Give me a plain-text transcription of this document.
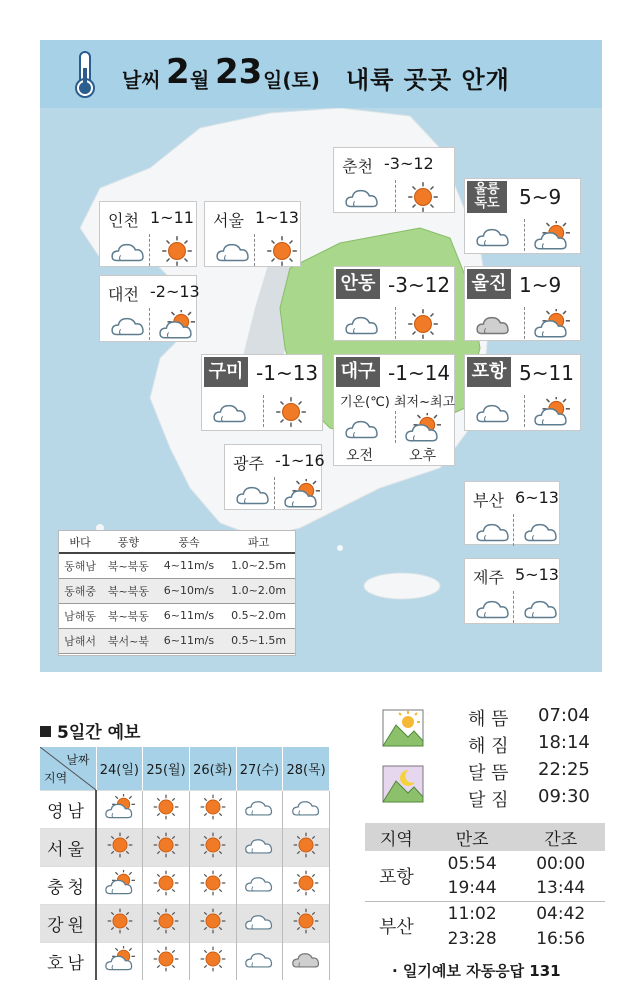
날씨 2 월 23 일(토) 내륙 곳곳 안개
춘천 -3~12
인천 1~11 서울 1~13
울릉
독도 5~9
대전 -2~13	안동 -3~12 울진 1~9
구미 -1~13 대구 -1~14
기온(℃) 최저~최고
오전	오후
포항 5~11
광주 -1~16
부산 6~13
제주 5~13
바다	풍향	풍속	파고
동해남	북~북동	4~11m/s	1.0~2.5m
동해중	북~북동	6~10m/s	1.0~2.0m
남해동	북~북동	6~11m/s	0.5~2.0m
남해서	북서~북	6~11m/s	0.5~1.5m
5일간 예보
날짜
지역	24(일)	25(월)	26(화)	27(수)	28(목)
영남					
서울					
충청					
강원					
호남					
해 뜸 07:04
해 짐 18:14
달 뜸 22:25
달 짐 09:30
지역	만조	간조
포항	05:54	00:00
	19:44	13:44
부산	11:02	04:42
	23:28	16:56
· 일기예보 자동응답 131
